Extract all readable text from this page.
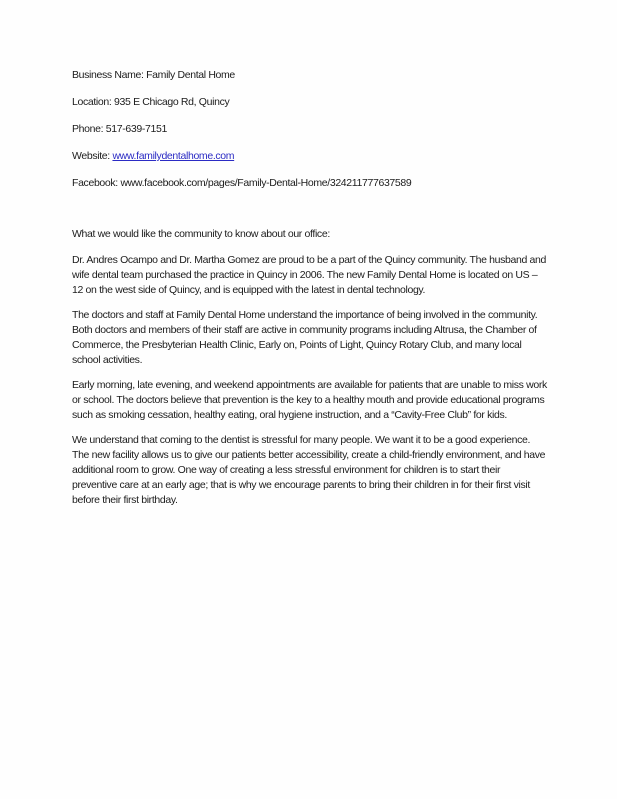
Business Name: Family Dental Home

Location: 935 E Chicago Rd, Quincy

Phone: 517-639-7151

Website: www.familydentalhome.com

Facebook: www.facebook.com/pages/Family-Dental-Home/324211777637589

What we would like the community to know about our office:

Dr. Andres Ocampo and Dr. Martha Gomez are proud to be a part of the Quincy community. The husband and wife dental team purchased the practice in Quincy in 2006. The new Family Dental Home is located on US – 12 on the west side of Quincy, and is equipped with the latest in dental technology.

The doctors and staff at Family Dental Home understand the importance of being involved in the community. Both doctors and members of their staff are active in community programs including Altrusa, the Chamber of Commerce, the Presbyterian Health Clinic, Early on, Points of Light, Quincy Rotary Club, and many local school activities.

Early morning, late evening, and weekend appointments are available for patients that are unable to miss work or school. The doctors believe that prevention is the key to a healthy mouth and provide educational programs such as smoking cessation, healthy eating, oral hygiene instruction, and a “Cavity-Free Club” for kids.

We understand that coming to the dentist is stressful for many people. We want it to be a good experience. The new facility allows us to give our patients better accessibility, create a child-friendly environment, and have additional room to grow. One way of creating a less stressful environment for children is to start their preventive care at an early age; that is why we encourage parents to bring their children in for their first visit before their first birthday.
